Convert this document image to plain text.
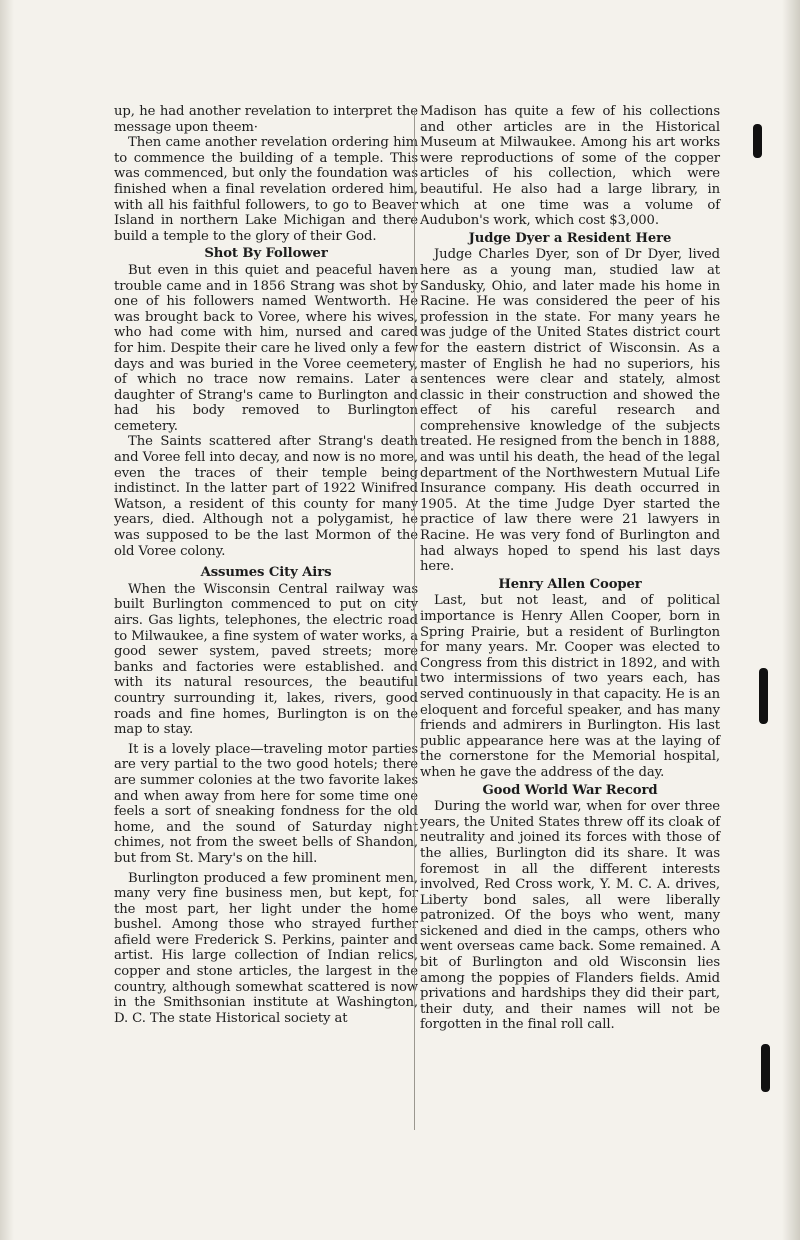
up, he had another revelation to interpret the message upon theem·

Then came another revelation ordering him to commence the building of a temple. This was commenced, but only the foundation was finished when a final revelation ordered him, with all his faithful followers, to go to Beaver Island in northern Lake Michigan and there build a temple to the glory of their God.

Shot By Follower

But even in this quiet and peaceful haven trouble came and in 1856 Strang was shot by one of his followers named Wentworth. He was brought back to Voree, where his wives, who had come with him, nursed and cared for him. Despite their care he lived only a few days and was buried in the Voree ceemetery, of which no trace now remains. Later a daughter of Strang's came to Burlington and had his body removed to Burlington cemetery.

The Saints scattered after Strang's death and Voree fell into decay, and now is no more, even the traces of their temple being indistinct. In the latter part of 1922 Winifred Watson, a resident of this county for many years, died. Although not a polygamist, he was supposed to be the last Mormon of the old Voree colony.

Assumes City Airs

When the Wisconsin Central railway was built Burlington commenced to put on city airs. Gas lights, telephones, the electric road to Milwaukee, a fine system of water works, a good sewer system, paved streets; more banks and factories were established. and with its natural resources, the beautiful country surrounding it, lakes, rivers, good roads and fine homes, Burlington is on the map to stay.

It is a lovely place—traveling motor parties are very partial to the two good hotels; there are summer colonies at the two favorite lakes and when away from here for some time one feels a sort of sneaking fondness for the old home, and the sound of Saturday night chimes, not from the sweet bells of Shandon, but from St. Mary's on the hill.

Burlington produced a few prominent men, many very fine business men, but kept, for the most part, her light under the home bushel. Among those who strayed further afield were Frederick S. Perkins, painter and artist. His large collection of Indian relics, copper and stone articles, the largest in the country, although somewhat scattered is now in the Smithsonian institute at Washington, D. C. The state Historical society at

Madison has quite a few of his collections and other articles are in the Historical Museum at Milwaukee. Among his art works were reproductions of some of the copper articles of his collection, which were beautiful. He also had a large library, in which at one time was a volume of Audubon's work, which cost $3,000.

Judge Dyer a Resident Here

Judge Charles Dyer, son of Dr Dyer, lived here as a young man, studied law at Sandusky, Ohio, and later made his home in Racine. He was considered the peer of his profession in the state. For many years he was judge of the United States district court for the eastern district of Wisconsin. As a master of English he had no superiors, his sentences were clear and stately, almost classic in their construction and showed the effect of his careful research and comprehensive knowledge of the subjects treated. He resigned from the bench in 1888, and was until his death, the head of the legal department of the Northwestern Mutual Life Insurance company. His death occurred in 1905. At the time Judge Dyer started the practice of law there were 21 lawyers in Racine. He was very fond of Burlington and had always hoped to spend his last days here.

Henry Allen Cooper

Last, but not least, and of political importance is Henry Allen Cooper, born in Spring Prairie, but a resident of Burlington for many years. Mr. Cooper was elected to Congress from this district in 1892, and with two intermissions of two years each, has served continuously in that capacity. He is an eloquent and forceful speaker, and has many friends and admirers in Burlington. His last public appearance here was at the laying of the cornerstone for the Memorial hospital, when he gave the address of the day.

Good World War Record

During the world war, when for over three years, the United States threw off its cloak of neutrality and joined its forces with those of the allies, Burlington did its share. It was foremost in all the different interests involved, Red Cross work, Y. M. C. A. drives, Liberty bond sales, all were liberally patronized. Of the boys who went, many sickened and died in the camps, others who went overseas came back. Some remained. A bit of Burlington and old Wisconsin lies among the poppies of Flanders fields. Amid privations and hardships they did their part, their duty, and their names will not be forgotten in the final roll call.
